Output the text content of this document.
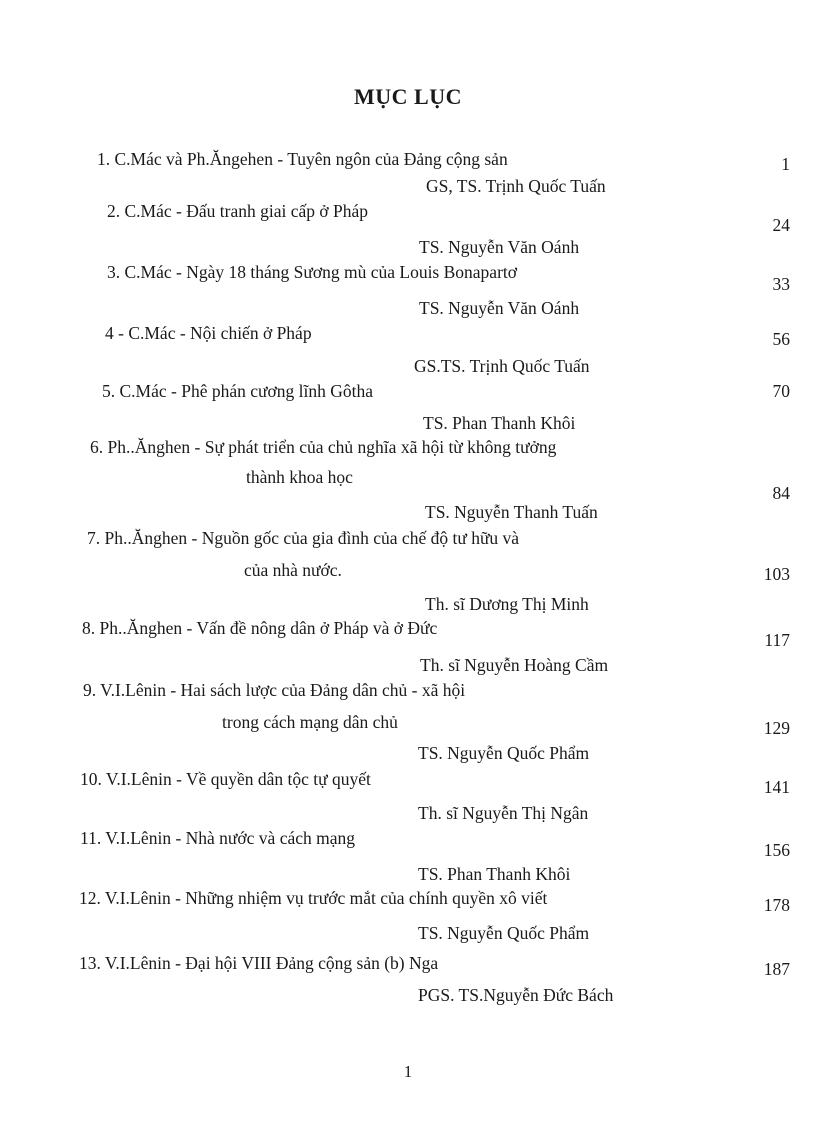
MỤC LỤC
1. C.Mác và Ph.Ăngehen - Tuyên ngôn của Đảng cộng sản	1
GS, TS. Trịnh Quốc Tuấn
2. C.Mác - Đấu tranh giai cấp ở Pháp
24
TS. Nguyễn Văn Oánh
3. C.Mác - Ngày 18 tháng Sương mù của Louis Bonapartơ
33
TS. Nguyễn Văn Oánh
4 - C.Mác - Nội chiến ở Pháp	56
GS.TS. Trịnh Quốc Tuấn
5. C.Mác - Phê phán cương lĩnh Gôtha	70
TS. Phan Thanh Khôi
6. Ph..Ănghen - Sự phát triển của chủ nghĩa xã hội từ không tưởng
thành khoa học
84
TS. Nguyễn Thanh Tuấn
7. Ph..Ănghen - Nguồn gốc của gia đình của chế độ tư hữu và
của nhà nước.	103
Th. sĩ Dương Thị Minh
8. Ph..Ănghen - Vấn đề nông dân ở Pháp và ở Đức
117
Th. sĩ Nguyễn Hoàng Cầm
9. V.I.Lênin - Hai sách lược của Đảng dân chủ - xã hội
trong cách mạng dân chủ	129
TS. Nguyễn Quốc Phẩm
10. V.I.Lênin - Về quyền dân tộc tự quyết	141
Th. sĩ Nguyễn Thị Ngân
11. V.I.Lênin - Nhà nước và cách mạng
156
TS. Phan Thanh Khôi
12. V.I.Lênin - Những nhiệm vụ trước mắt của chính quyền xô viết	178
TS. Nguyễn Quốc Phẩm
13. V.I.Lênin - Đại hội VIII Đảng cộng sản (b) Nga	187
PGS. TS.Nguyễn Đức Bách
1
